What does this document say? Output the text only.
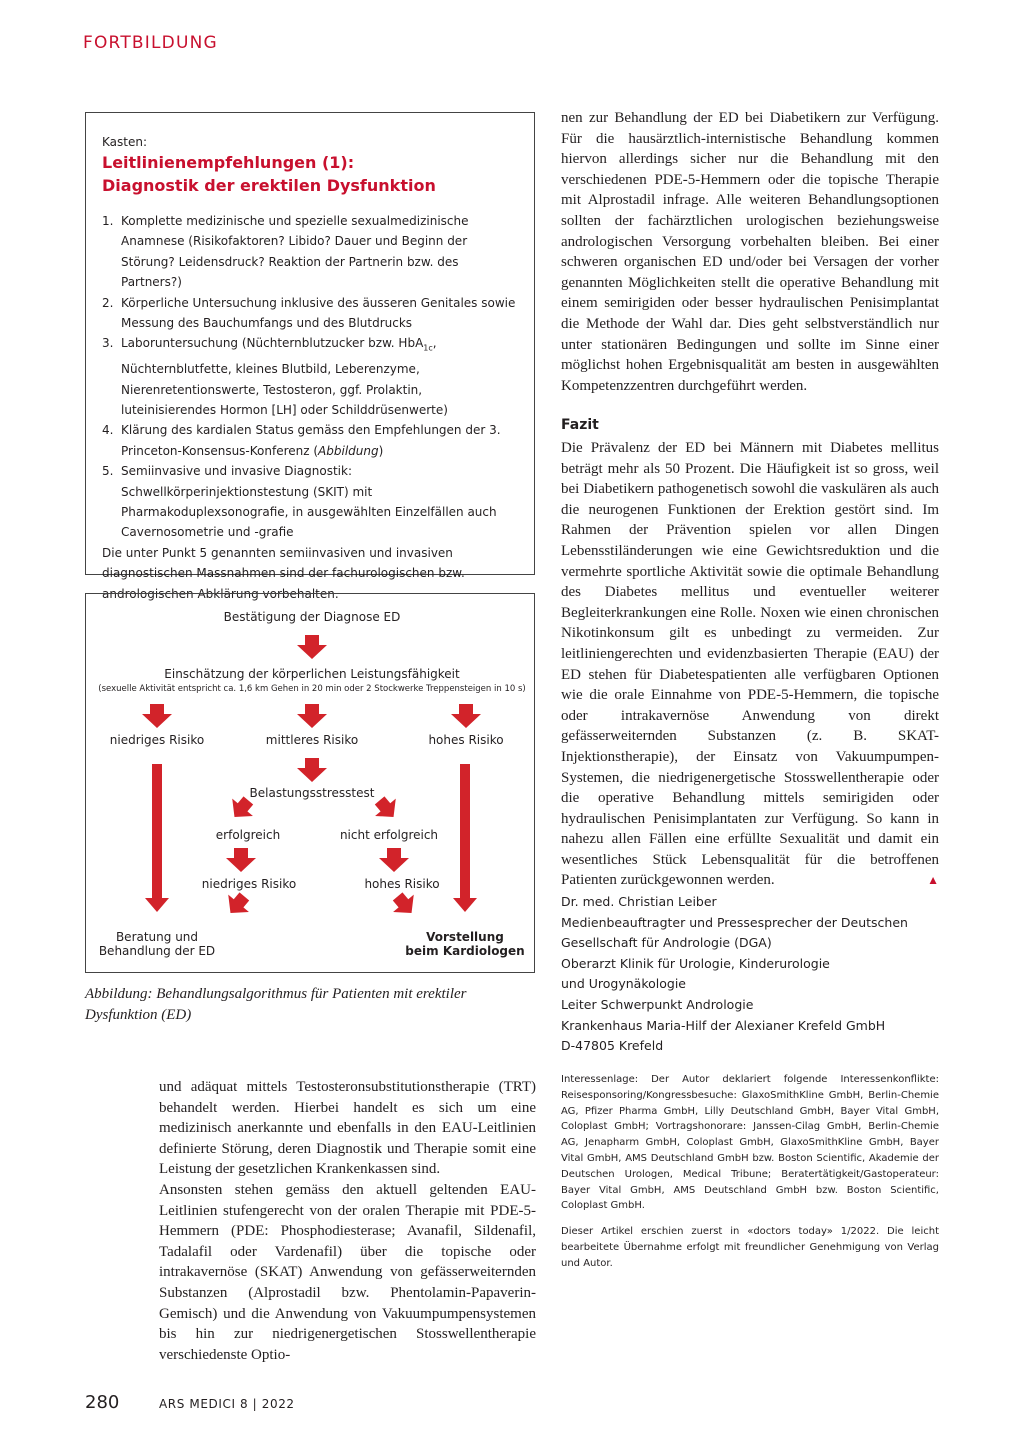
FORTBILDUNG
Kasten:
Leitlinienempfehlungen (1):
Diagnostik der erektilen Dysfunktion
1. Komplette medizinische und spezielle sexualmedizinische Anamnese (Risikofaktoren? Libido? Dauer und Beginn der Störung? Leidensdruck? Reaktion der Partnerin bzw. des Partners?)
2. Körperliche Untersuchung inklusive des äusseren Genitales sowie Messung des Bauchumfangs und des Blutdrucks
3. Laboruntersuchung (Nüchternblutzucker bzw. HbA$_{1c}$, Nüchternblutfette, kleines Blutbild, Leberenzyme, Nierenretentionswerte, Testosteron, ggf. Prolaktin, luteinisierendes Hormon [LH] oder Schilddrüsenwerte)
4. Klärung des kardialen Status gemäss den Empfehlungen der 3. Princeton-Konsensus-Konferenz (Abbildung)
5. Semiinvasive und invasive Diagnostik: Schwellkörperinjektionstestung (SKIT) mit Pharmakoduplexsonografie, in ausgewählten Einzelfällen auch Cavernosometrie und -grafie

Die unter Punkt 5 genannten semiinvasiven und invasiven diagnostischen Massnahmen sind der fachurologischen bzw. andrologischen Abklärung vorbehalten.

Bestätigung der Diagnose ED
Einschätzung der körperlichen Leistungsfähigkeit
(sexuelle Aktivität entspricht ca. 1,6 km Gehen in 20 min oder 2 Stockwerke Treppensteigen in 10 s)
niedriges Risiko	mittleres Risiko	hohes Risiko
Belastungsstresstest
erfolgreich	nicht erfolgreich
niedriges Risiko	hohes Risiko
Beratung und
Behandlung der ED
Vorstellung
beim Kardiologen
Abbildung: Behandlungsalgorithmus für Patienten mit erektiler Dysfunktion (ED)

und adäquat mittels Testosteronsubstitutionstherapie (TRT) behandelt werden. Hierbei handelt es sich um eine medizinisch anerkannte und ebenfalls in den EAU-Leitlinien definierte Störung, deren Diagnostik und Therapie somit eine Leistung der gesetzlichen Krankenkassen sind.

Ansonsten stehen gemäss den aktuell geltenden EAU-Leitlinien stufengerecht von der oralen Therapie mit PDE-5-Hemmern (PDE: Phosphodiesterase; Avanafil, Sildenafil, Tadalafil oder Vardenafil) über die topische oder intrakavernöse (SKAT) Anwendung von gefässerweiternden Substanzen (Alprostadil bzw. Phentolamin-Papaverin-Gemisch) und die Anwendung von Vakuumpumpensystemen bis hin zur niedrigenergetischen Stosswellentherapie verschiedenste Optio-

nen zur Behandlung der ED bei Diabetikern zur Verfügung. Für die hausärztlich-internistische Behandlung kommen hiervon allerdings sicher nur die Behandlung mit den verschiedenen PDE-5-Hemmern oder die topische Therapie mit Alprostadil infrage. Alle weiteren Behandlungsoptionen sollten der fachärztlichen urologischen beziehungsweise andrologischen Versorgung vorbehalten bleiben. Bei einer schweren organischen ED und/oder bei Versagen der vorher genannten Möglichkeiten stellt die operative Behandlung mit einem semirigiden oder besser hydraulischen Penisimplantat die Methode der Wahl dar. Dies geht selbstverständlich nur unter stationären Bedingungen und sollte im Sinne einer möglichst hohen Ergebnisqualität am besten in ausgewählten Kompetenzzentren durchgeführt werden.

Fazit

Die Prävalenz der ED bei Männern mit Diabetes mellitus beträgt mehr als 50 Prozent. Die Häufigkeit ist so gross, weil bei Diabetikern pathogenetisch sowohl die vaskulären als auch die neurogenen Funktionen der Erektion gestört sind. Im Rahmen der Prävention spielen vor allen Dingen Lebensstiländerungen wie eine Gewichtsreduktion und die vermehrte sportliche Aktivität sowie die optimale Behandlung des Diabetes mellitus und eventueller weiterer Begleiterkrankungen eine Rolle. Noxen wie einen chronischen Nikotinkonsum gilt es unbedingt zu vermeiden. Zur leitliniengerechten und evidenzbasierten Therapie (EAU) der ED stehen für Diabetespatienten alle verfügbaren Optionen wie die orale Einnahme von PDE-5-Hemmern, die topische oder intrakavernöse Anwendung von direkt gefässerweiternden Substanzen (z. B. SKAT-Injektionstherapie), der Einsatz von Vakuumpumpen-Systemen, die niedrigenergetische Stosswellentherapie oder die operative Behandlung mittels semirigiden oder hydraulischen Penisimplantaten zur Verfügung. So kann in nahezu allen Fällen eine erfüllte Sexualität und damit ein wesentliches Stück Lebensqualität für die betroffenen Patienten zurückgewonnen werden.	▲

Dr. med. Christian Leiber
Medienbeauftragter und Pressesprecher der Deutschen
Gesellschaft für Andrologie (DGA)
Oberarzt Klinik für Urologie, Kinderurologie
und Urogynäkologie
Leiter Schwerpunkt Andrologie
Krankenhaus Maria-Hilf der Alexianer Krefeld GmbH
D-47805 Krefeld

Interessenlage: Der Autor deklariert folgende Interessenkonflikte: Reisesponsoring/Kongressbesuche: GlaxoSmithKline GmbH, Berlin-Chemie AG, Pfizer Pharma GmbH, Lilly Deutschland GmbH, Bayer Vital GmbH, Coloplast GmbH; Vortragshonorare: Janssen-Cilag GmbH, Berlin-Chemie AG, Jenapharm GmbH, Coloplast GmbH, GlaxoSmithKline GmbH, Bayer Vital GmbH, AMS Deutschland GmbH bzw. Boston Scientific, Akademie der Deutschen Urologen, Medical Tribune; Beratertätigkeit/Gastoperateur: Bayer Vital GmbH, AMS Deutschland GmbH bzw. Boston Scientific, Coloplast GmbH.

Dieser Artikel erschien zuerst in «doctors today» 1/2022. Die leicht bearbeitete Übernahme erfolgt mit freundlicher Genehmigung von Verlag und Autor.

280	ARS MEDICI 8 | 2022
